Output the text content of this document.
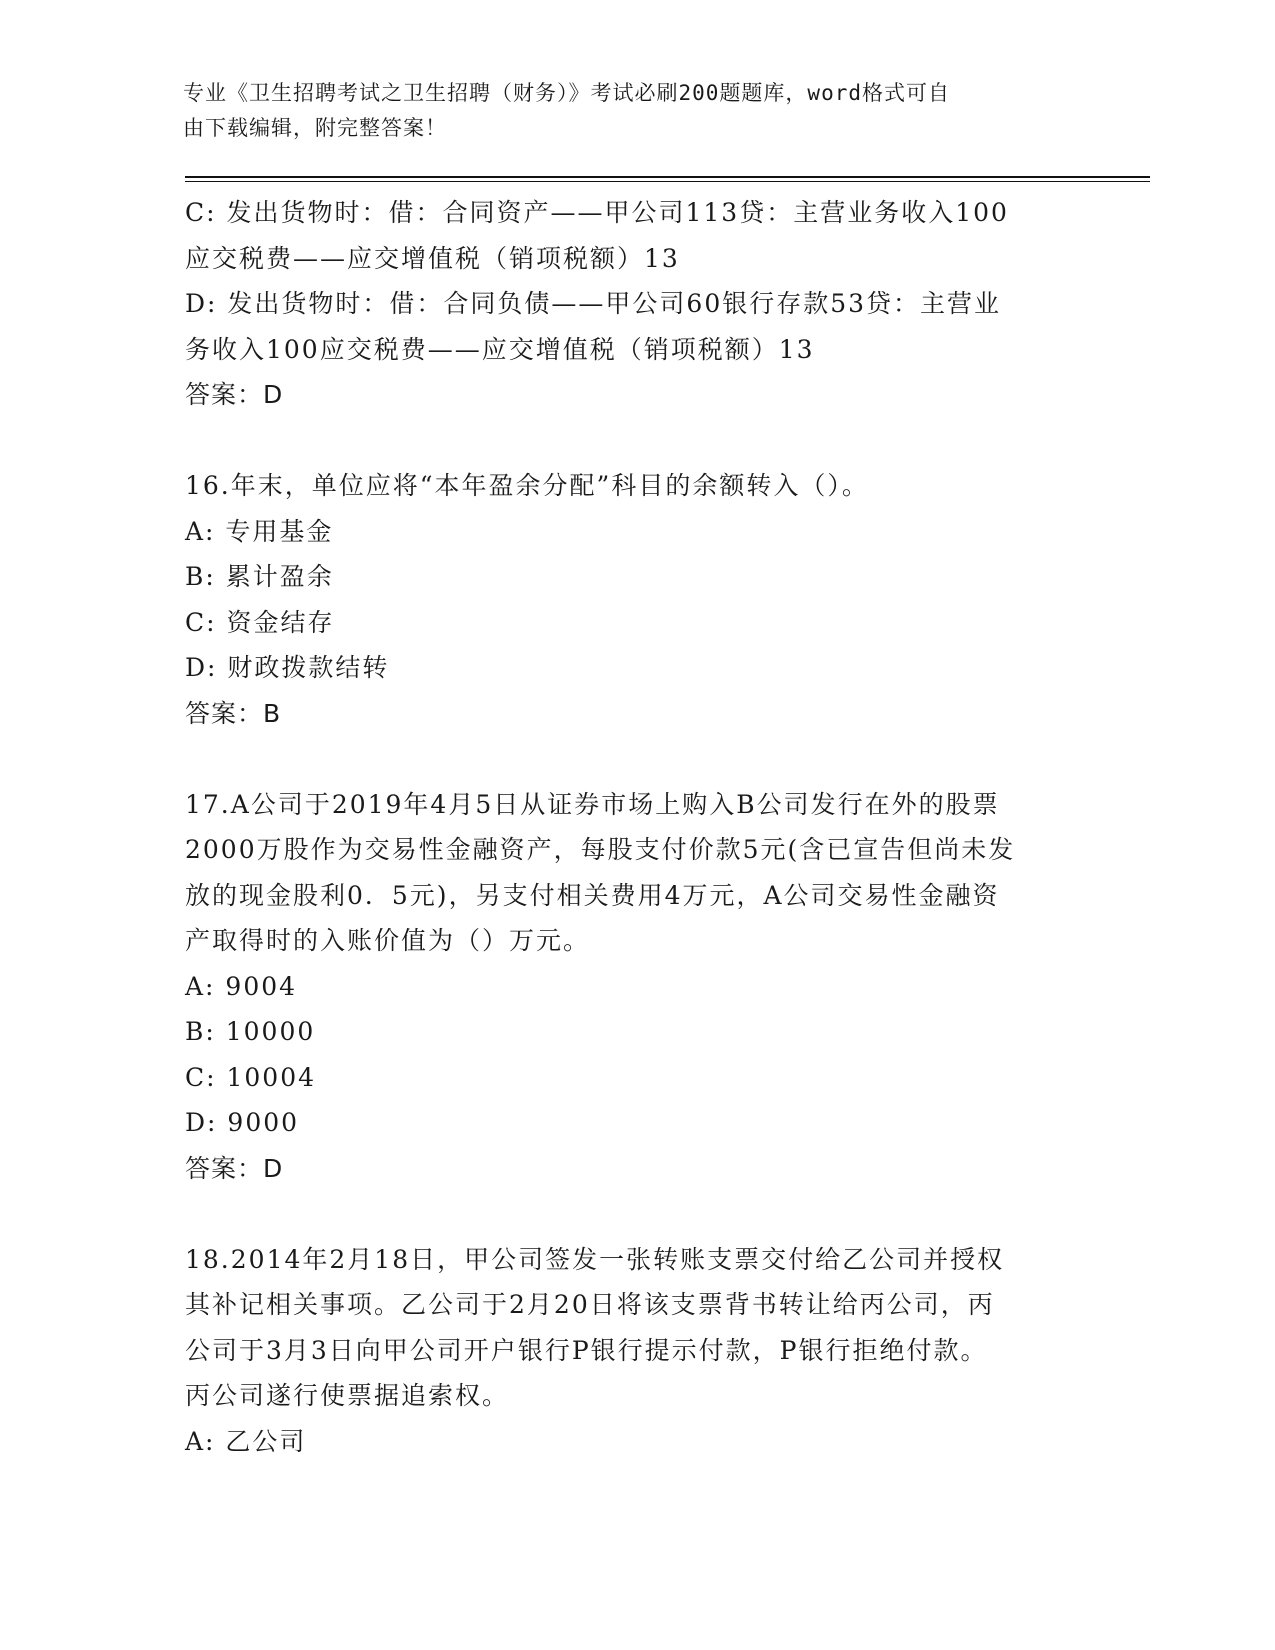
专业《卫生招聘考试之卫生招聘（财务）》考试必刷200题题库，word格式可自
由下载编辑，附完整答案！
C: 发出货物时：借：合同资产——甲公司113贷：主营业务收入100
应交税费——应交增值税（销项税额）13
D: 发出货物时：借：合同负债——甲公司60银行存款53贷：主营业
务收入100应交税费——应交增值税（销项税额）13
答案：D
16.年末，单位应将“本年盈余分配”科目的余额转入（）。
A: 专用基金
B: 累计盈余
C: 资金结存
D: 财政拨款结转
答案：B
17.A公司于2019年4月5日从证券市场上购入B公司发行在外的股票
2000万股作为交易性金融资产，每股支付价款5元(含已宣告但尚未发
放的现金股利0．5元)，另支付相关费用4万元，A公司交易性金融资
产取得时的入账价值为（）万元。
A: 9004
B: 10000
C: 10004
D: 9000
答案：D
18.2014年2月18日，甲公司签发一张转账支票交付给乙公司并授权
其补记相关事项。乙公司于2月20日将该支票背书转让给丙公司，丙
公司于3月3日向甲公司开户银行P银行提示付款，P银行拒绝付款。
丙公司遂行使票据追索权。
A: 乙公司
